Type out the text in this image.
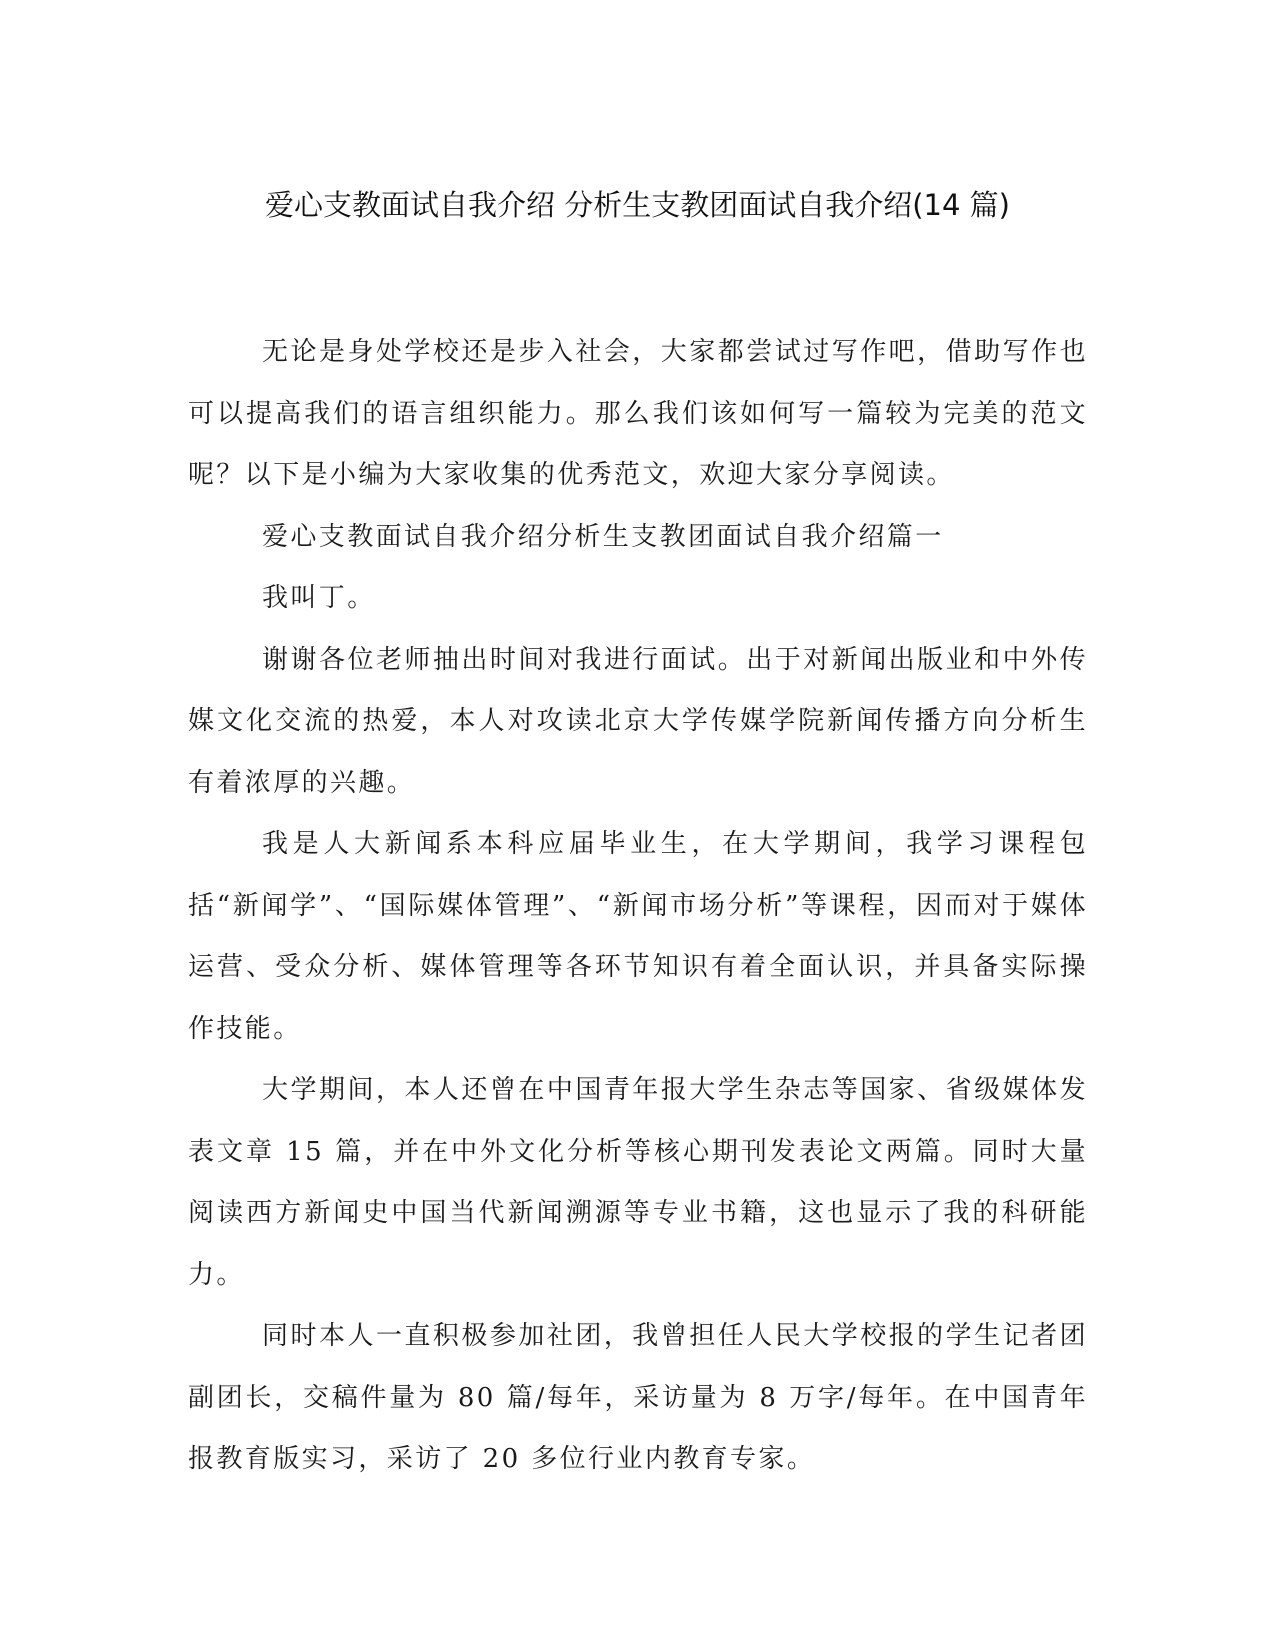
爱心支教面试自我介绍 分析生支教团面试自我介绍(14 篇)

无论是身处学校还是步入社会，大家都尝试过写作吧，借助写作也可以提高我们的语言组织能力。那么我们该如何写一篇较为完美的范文呢？以下是小编为大家收集的优秀范文，欢迎大家分享阅读。

爱心支教面试自我介绍分析生支教团面试自我介绍篇一

我叫丁。

谢谢各位老师抽出时间对我进行面试。出于对新闻出版业和中外传媒文化交流的热爱，本人对攻读北京大学传媒学院新闻传播方向分析生有着浓厚的兴趣。

我是人大新闻系本科应届毕业生，在大学期间，我学习课程包括“新闻学”、“国际媒体管理”、“新闻市场分析”等课程，因而对于媒体运营、受众分析、媒体管理等各环节知识有着全面认识，并具备实际操作技能。

大学期间，本人还曾在中国青年报大学生杂志等国家、省级媒体发表文章 15 篇，并在中外文化分析等核心期刊发表论文两篇。同时大量阅读西方新闻史中国当代新闻溯源等专业书籍，这也显示了我的科研能力。

同时本人一直积极参加社团，我曾担任人民大学校报的学生记者团副团长，交稿件量为 80 篇/每年，采访量为 8 万字/每年。在中国青年报教育版实习，采访了 20 多位行业内教育专家。
